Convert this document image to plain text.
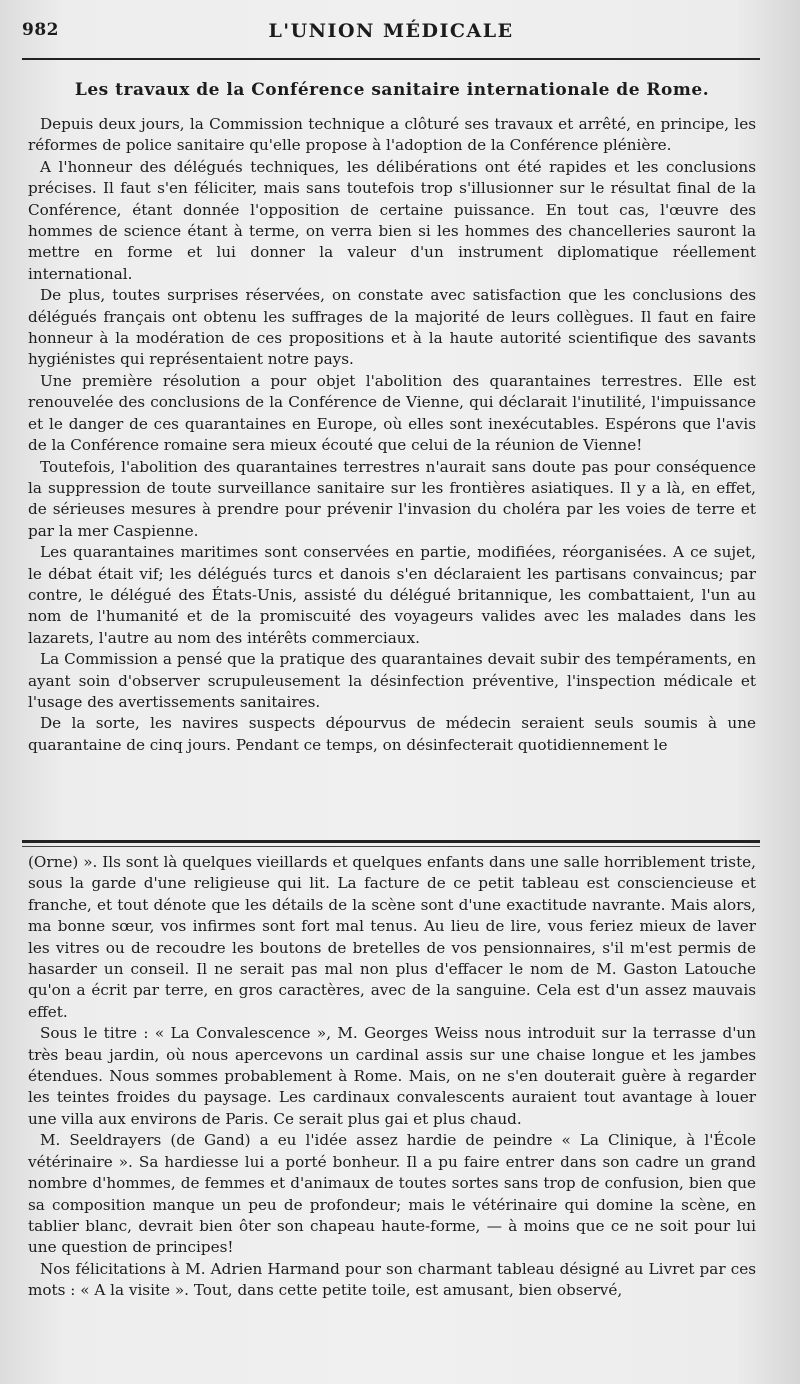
982	L'UNION MÉDICALE
Les travaux de la Conférence sanitaire internationale de Rome.

Depuis deux jours, la Commission technique a clôturé ses travaux et arrêté, en principe, les réformes de police sanitaire qu'elle propose à l'adoption de la Conférence plénière.

A l'honneur des délégués techniques, les délibérations ont été rapides et les conclusions précises. Il faut s'en féliciter, mais sans toutefois trop s'illusionner sur le résultat final de la Conférence, étant donnée l'opposition de certaine puissance. En tout cas, l'œuvre des hommes de science étant à terme, on verra bien si les hommes des chancelleries sauront la mettre en forme et lui donner la valeur d'un instrument diplomatique réellement international.

De plus, toutes surprises réservées, on constate avec satisfaction que les conclusions des délégués français ont obtenu les suffrages de la majorité de leurs collègues. Il faut en faire honneur à la modération de ces propositions et à la haute autorité scientifique des savants hygiénistes qui représentaient notre pays.

Une première résolution a pour objet l'abolition des quarantaines terrestres. Elle est renouvelée des conclusions de la Conférence de Vienne, qui déclarait l'inutilité, l'impuissance et le danger de ces quarantaines en Europe, où elles sont inexécutables. Espérons que l'avis de la Conférence romaine sera mieux écouté que celui de la réunion de Vienne!

Toutefois, l'abolition des quarantaines terrestres n'aurait sans doute pas pour conséquence la suppression de toute surveillance sanitaire sur les frontières asiatiques. Il y a là, en effet, de sérieuses mesures à prendre pour prévenir l'invasion du choléra par les voies de terre et par la mer Caspienne.

Les quarantaines maritimes sont conservées en partie, modifiées, réorganisées. A ce sujet, le débat était vif; les délégués turcs et danois s'en déclaraient les partisans convaincus; par contre, le délégué des États-Unis, assisté du délégué britannique, les combattaient, l'un au nom de l'humanité et de la promiscuité des voyageurs valides avec les malades dans les lazarets, l'autre au nom des intérêts commerciaux.

La Commission a pensé que la pratique des quarantaines devait subir des tempéraments, en ayant soin d'observer scrupuleusement la désinfection préventive, l'inspection médicale et l'usage des avertissements sanitaires.

De la sorte, les navires suspects dépourvus de médecin seraient seuls soumis à une quarantaine de cinq jours. Pendant ce temps, on désinfecterait quotidiennement le

(Orne) ». Ils sont là quelques vieillards et quelques enfants dans une salle horriblement triste, sous la garde d'une religieuse qui lit. La facture de ce petit tableau est consciencieuse et franche, et tout dénote que les détails de la scène sont d'une exactitude navrante. Mais alors, ma bonne sœur, vos infirmes sont fort mal tenus. Au lieu de lire, vous feriez mieux de laver les vitres ou de recoudre les boutons de bretelles de vos pensionnaires, s'il m'est permis de hasarder un conseil. Il ne serait pas mal non plus d'effacer le nom de M. Gaston Latouche qu'on a écrit par terre, en gros caractères, avec de la sanguine. Cela est d'un assez mauvais effet.

Sous le titre : « La Convalescence », M. Georges Weiss nous introduit sur la terrasse d'un très beau jardin, où nous apercevons un cardinal assis sur une chaise longue et les jambes étendues. Nous sommes probablement à Rome. Mais, on ne s'en douterait guère à regarder les teintes froides du paysage. Les cardinaux convalescents auraient tout avantage à louer une villa aux environs de Paris. Ce serait plus gai et plus chaud.

M. Seeldrayers (de Gand) a eu l'idée assez hardie de peindre « La Clinique, à l'École vétérinaire ». Sa hardiesse lui a porté bonheur. Il a pu faire entrer dans son cadre un grand nombre d'hommes, de femmes et d'animaux de toutes sortes sans trop de confusion, bien que sa composition manque un peu de profondeur; mais le vétérinaire qui domine la scène, en tablier blanc, devrait bien ôter son chapeau haute-forme, — à moins que ce ne soit pour lui une question de principes!

Nos félicitations à M. Adrien Harmand pour son charmant tableau désigné au Livret par ces mots : « A la visite ». Tout, dans cette petite toile, est amusant, bien observé,
